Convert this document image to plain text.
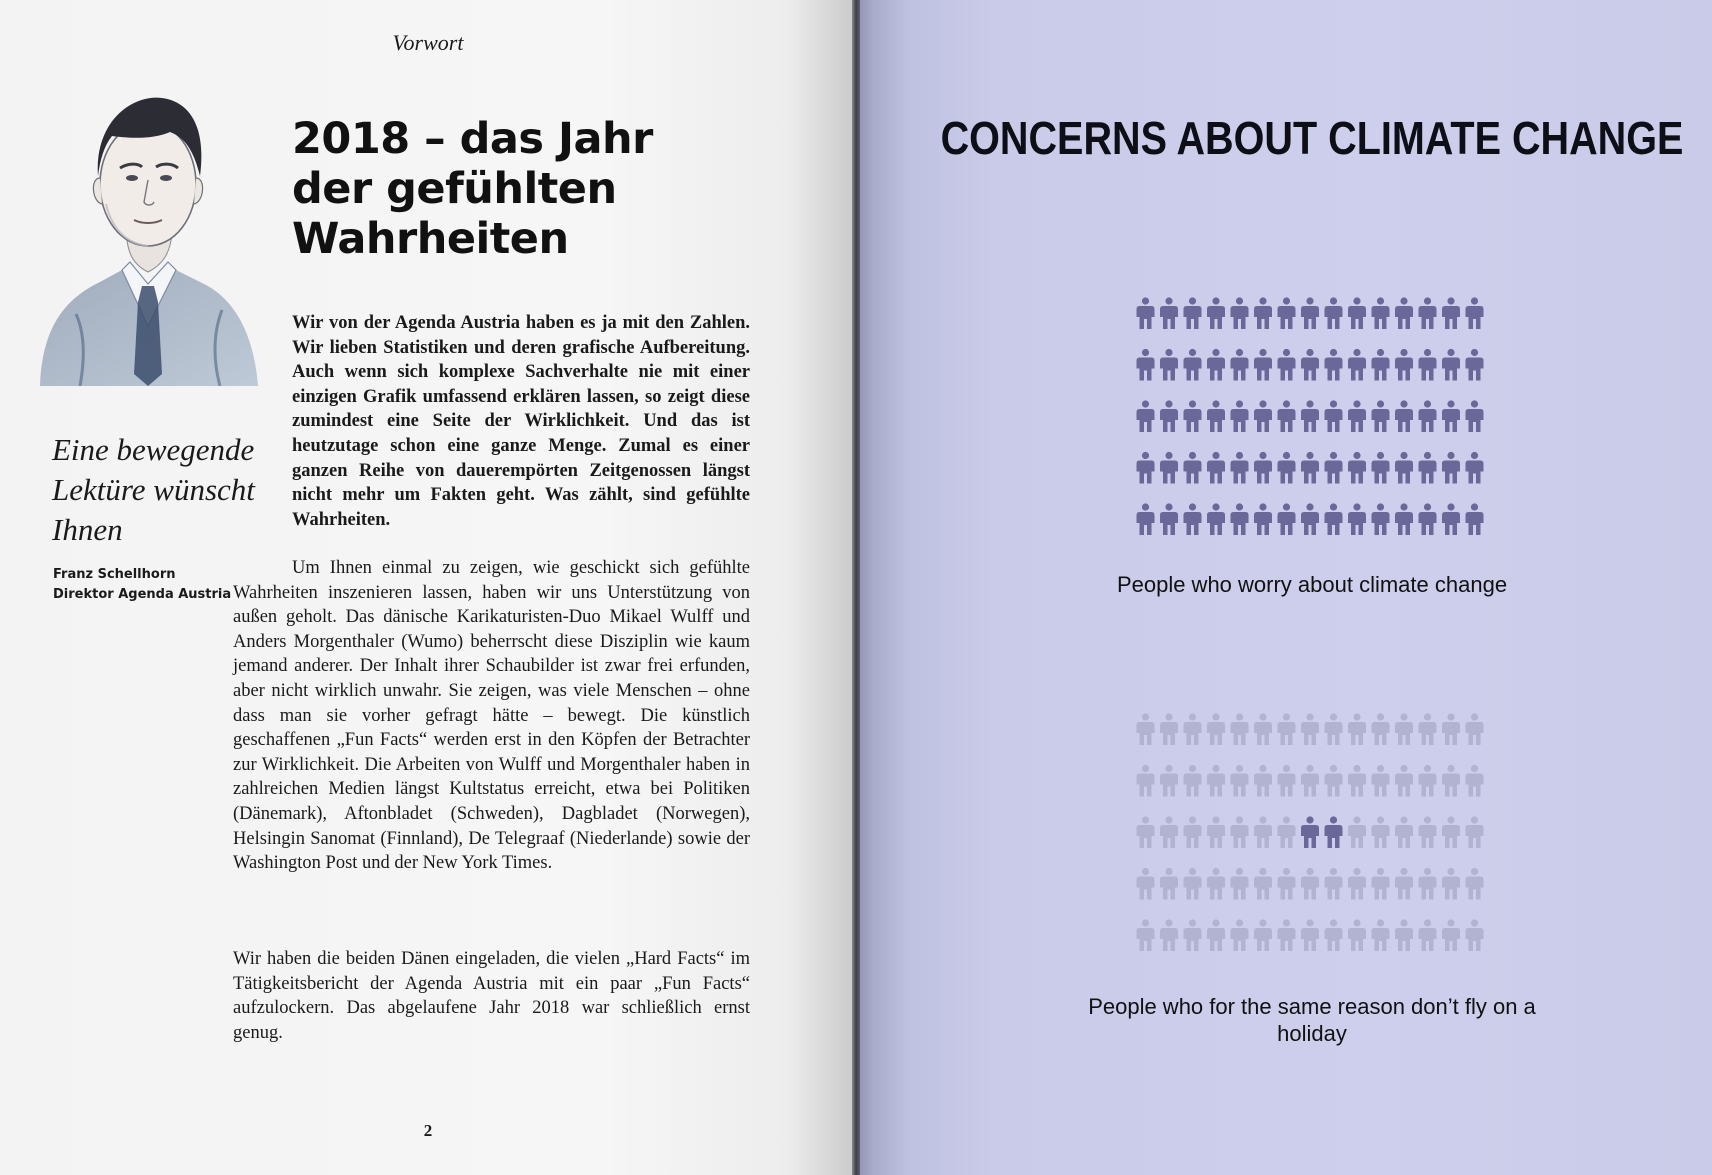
Vorwort
2018 – das Jahr der gefühlten Wahrheiten

Eine bewegende Lektüre wünscht Ihnen

Franz Schellhorn
Direktor Agenda Austria

Wir von der Agenda Austria haben es ja mit den Zahlen. Wir lieben Statistiken und deren grafische Aufbereitung. Auch wenn sich komplexe Sachverhalte nie mit einer einzigen Grafik umfassend erklären lassen, so zeigt diese zumindest eine Seite der Wirklichkeit. Und das ist heutzutage schon eine ganze Menge. Zumal es einer ganzen Reihe von dauerempörten Zeitgenossen längst nicht mehr um Fakten geht. Was zählt, sind gefühlte Wahrheiten.

Um Ihnen einmal zu zeigen, wie geschickt sich gefühlte Wahrheiten inszenieren lassen, haben wir uns Unterstützung von außen geholt. Das dänische Karikaturisten-Duo Mikael Wulff und Anders Morgenthaler (Wumo) beherrscht diese Disziplin wie kaum jemand anderer. Der Inhalt ihrer Schaubilder ist zwar frei erfunden, aber nicht wirklich unwahr. Sie zeigen, was viele Menschen – ohne dass man sie vorher gefragt hätte – bewegt. Die künstlich geschaffenen „Fun Facts“ werden erst in den Köpfen der Betrachter zur Wirklichkeit. Die Arbeiten von Wulff und Morgenthaler haben in zahlreichen Medien längst Kultstatus erreicht, etwa bei Politiken (Dänemark), Aftonbladet (Schweden), Dagbladet (Norwegen), Helsingin Sanomat (Finnland), De Telegraaf (Niederlande) sowie der Washington Post und der New York Times.

Wir haben die beiden Dänen eingeladen, die vielen „Hard Facts“ im Tätigkeitsbericht der Agenda Austria mit ein paar „Fun Facts“ aufzulockern. Das abgelaufene Jahr 2018 war schließlich ernst genug.

2
CONCERNS ABOUT CLIMATE CHANGE

People who worry about climate change

People who for the same reason don’t fly on a holiday
